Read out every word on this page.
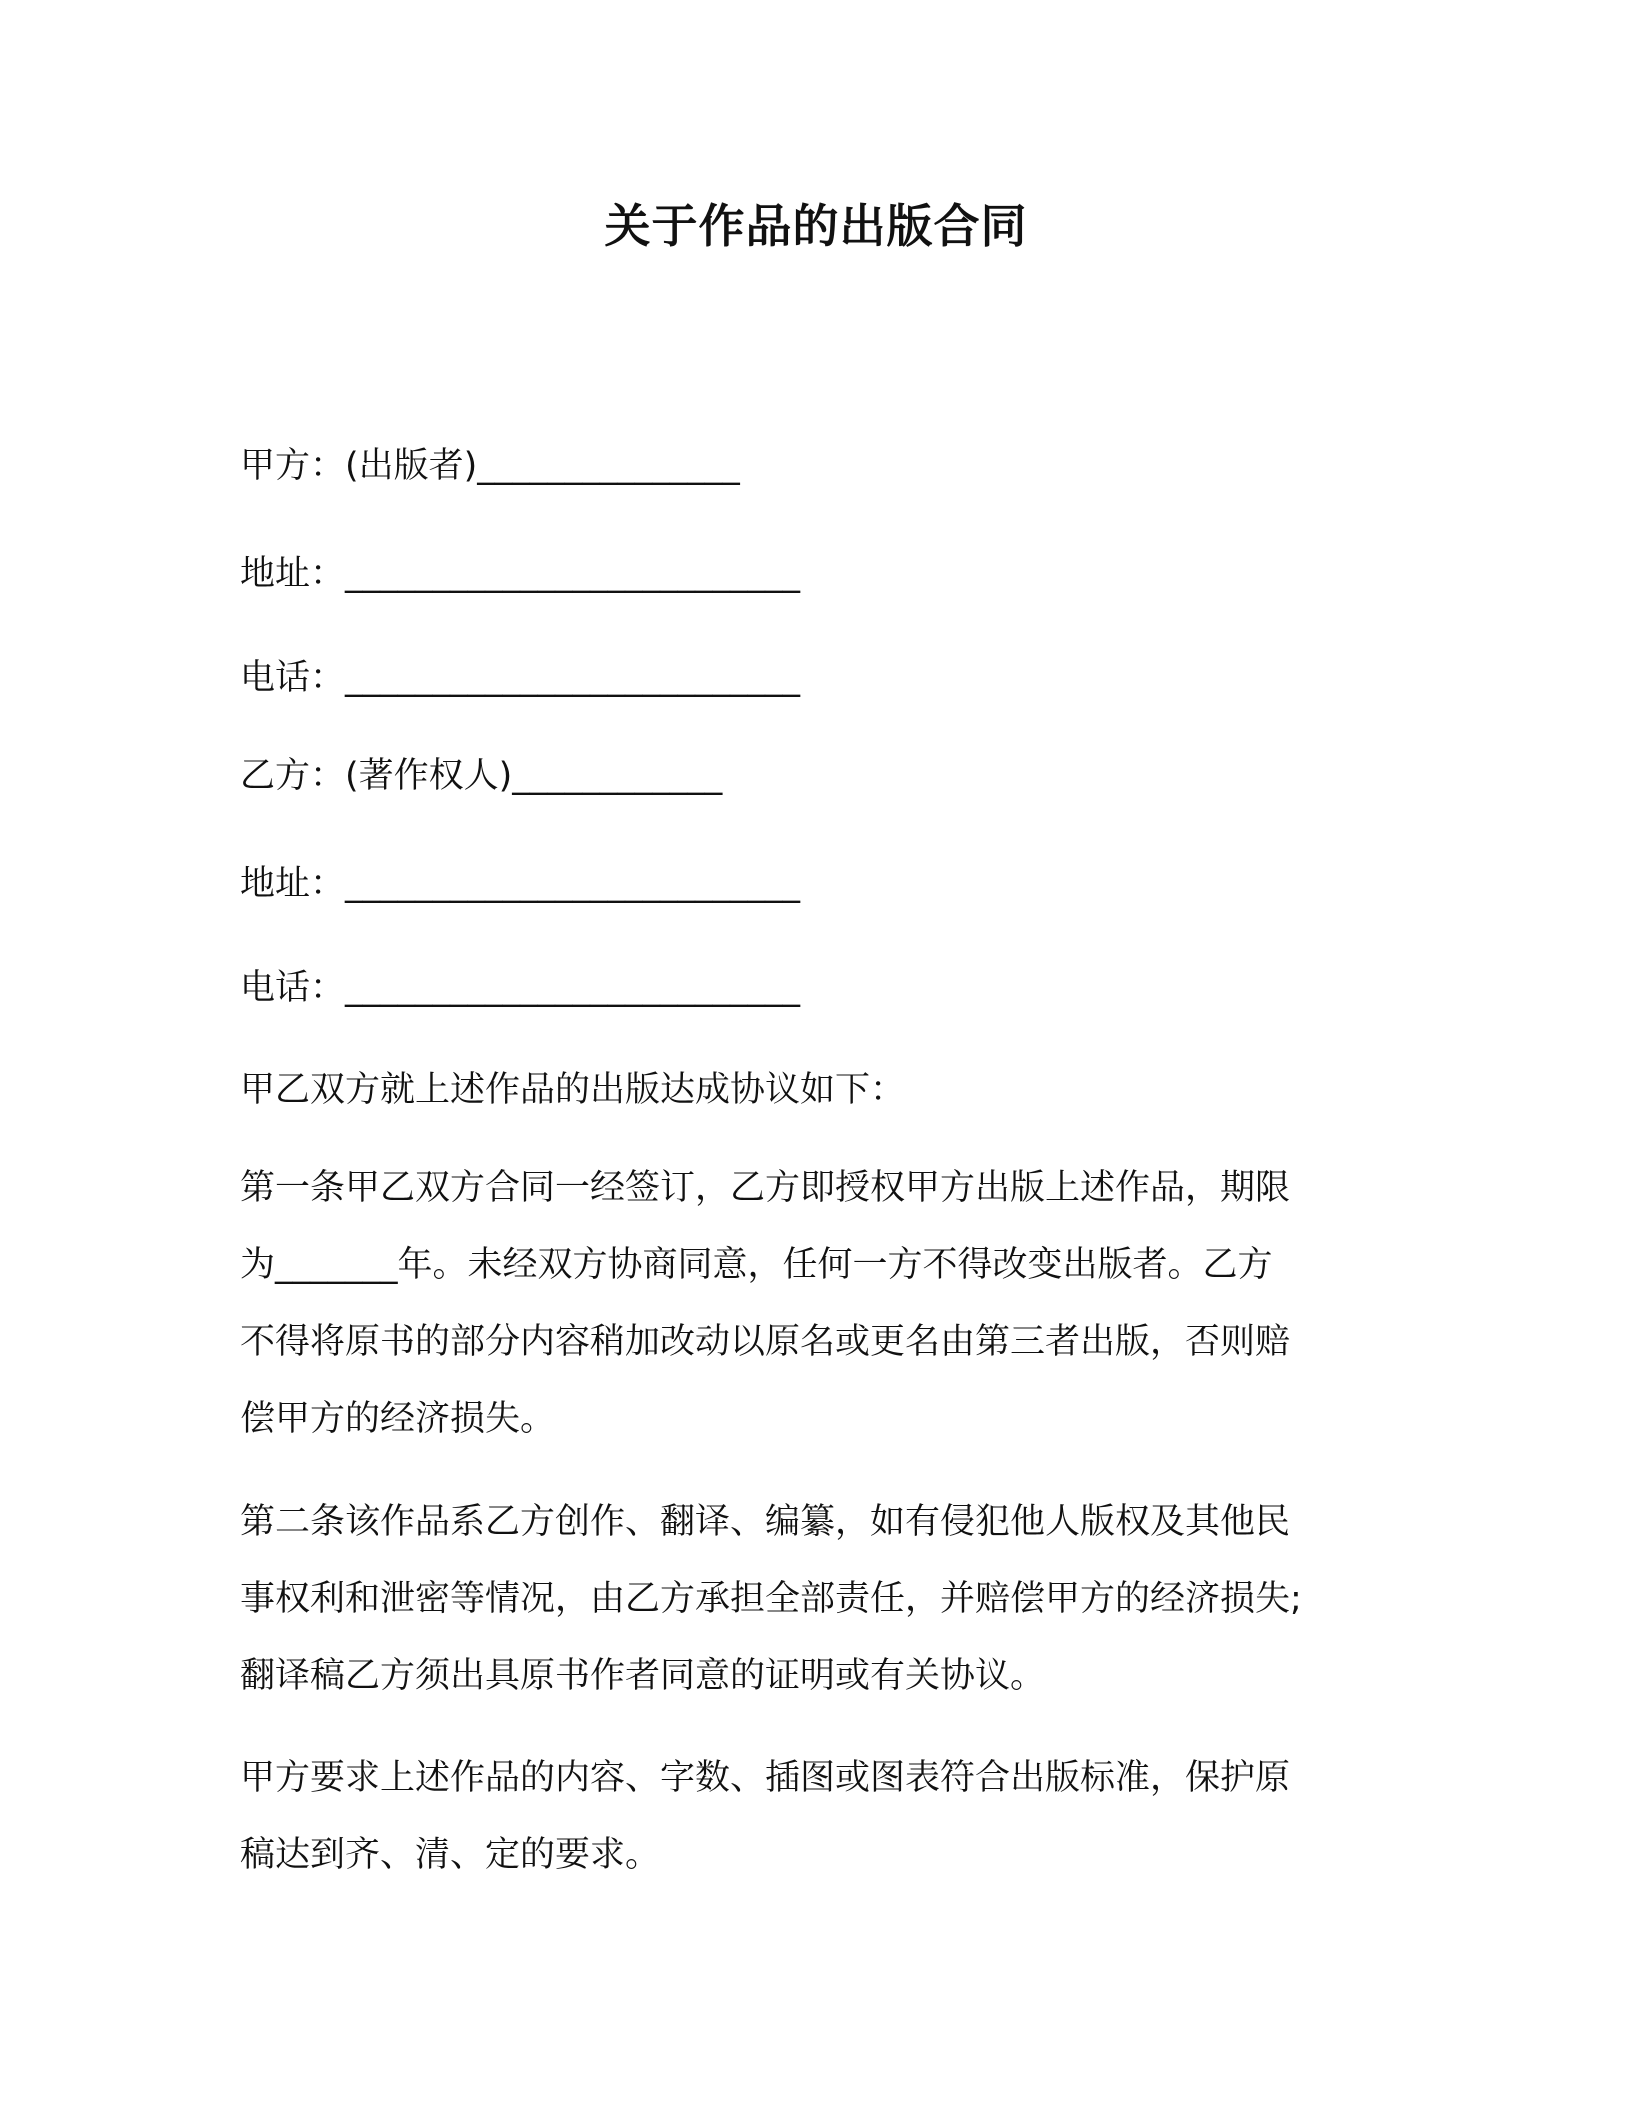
关于作品的出版合同
甲方：(出版者)_______________
地址：__________________________
电话：__________________________
乙方：(著作权人)____________
地址：__________________________
电话：__________________________
甲乙双方就上述作品的出版达成协议如下：
第一条甲乙双方合同一经签订，乙方即授权甲方出版上述作品，期限
为_______年。未经双方协商同意，任何一方不得改变出版者。乙方
不得将原书的部分内容稍加改动以原名或更名由第三者出版，否则赔
偿甲方的经济损失。
第二条该作品系乙方创作、翻译、编纂，如有侵犯他人版权及其他民
事权利和泄密等情况，由乙方承担全部责任，并赔偿甲方的经济损失;
翻译稿乙方须出具原书作者同意的证明或有关协议。
甲方要求上述作品的内容、字数、插图或图表符合出版标准，保护原
稿达到齐、清、定的要求。
